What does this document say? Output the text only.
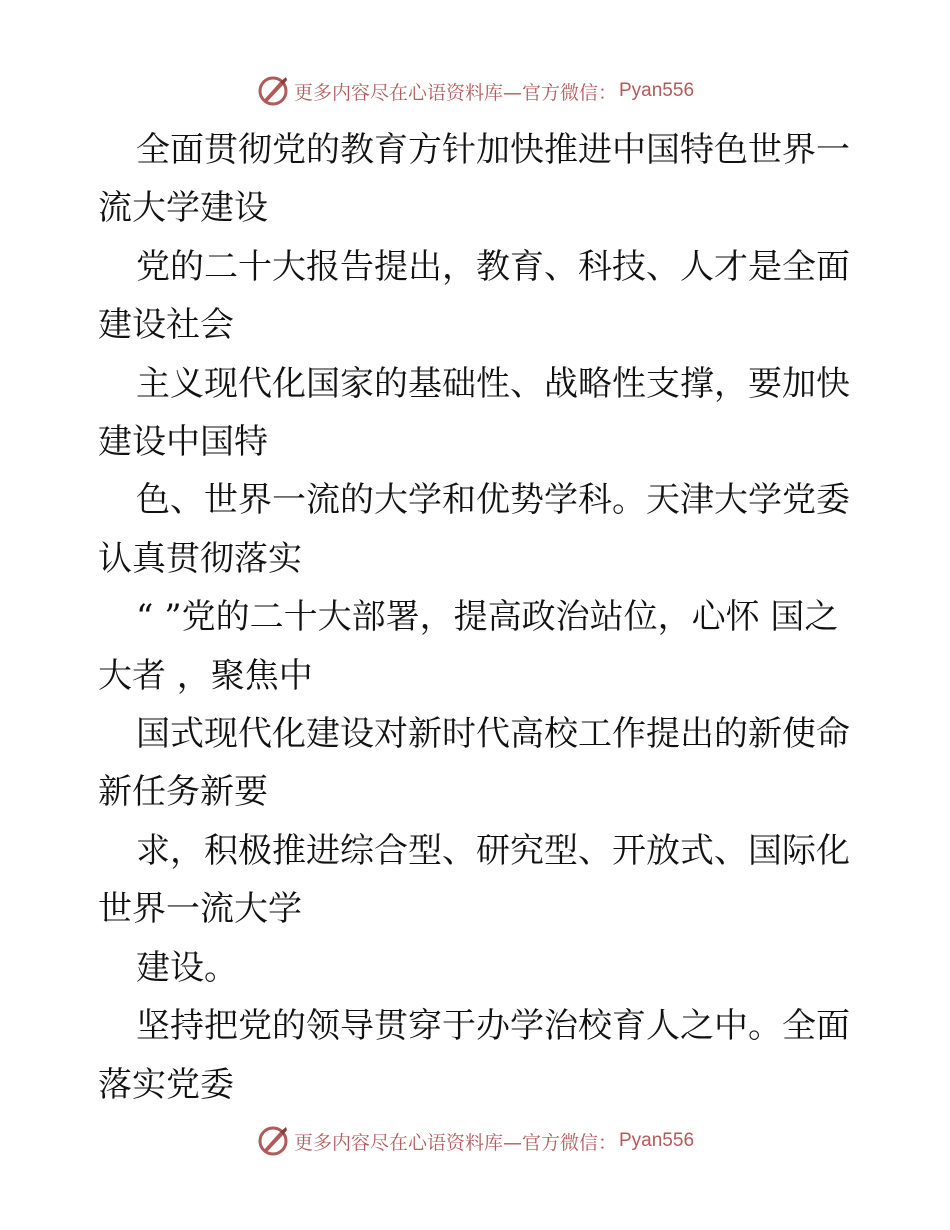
更多内容尽在心语资料库—官方微信： Pyan556

全面贯彻党的教育方针加快推进中国特色世界一流大学建设

党的二十大报告提出，教育、科技、人才是全面建设社会

主义现代化国家的基础性、战略性支撑，要加快建设中国特

色、世界一流的大学和优势学科。天津大学党委认真贯彻落实

“ ”党的二十大部署，提高政治站位，心怀 国之大者 ，聚焦中

国式现代化建设对新时代高校工作提出的新使命新任务新要

求，积极推进综合型、研究型、开放式、国际化世界一流大学

建设。

坚持把党的领导贯穿于办学治校育人之中。全面落实党委

更多内容尽在心语资料库—官方微信： Pyan556
